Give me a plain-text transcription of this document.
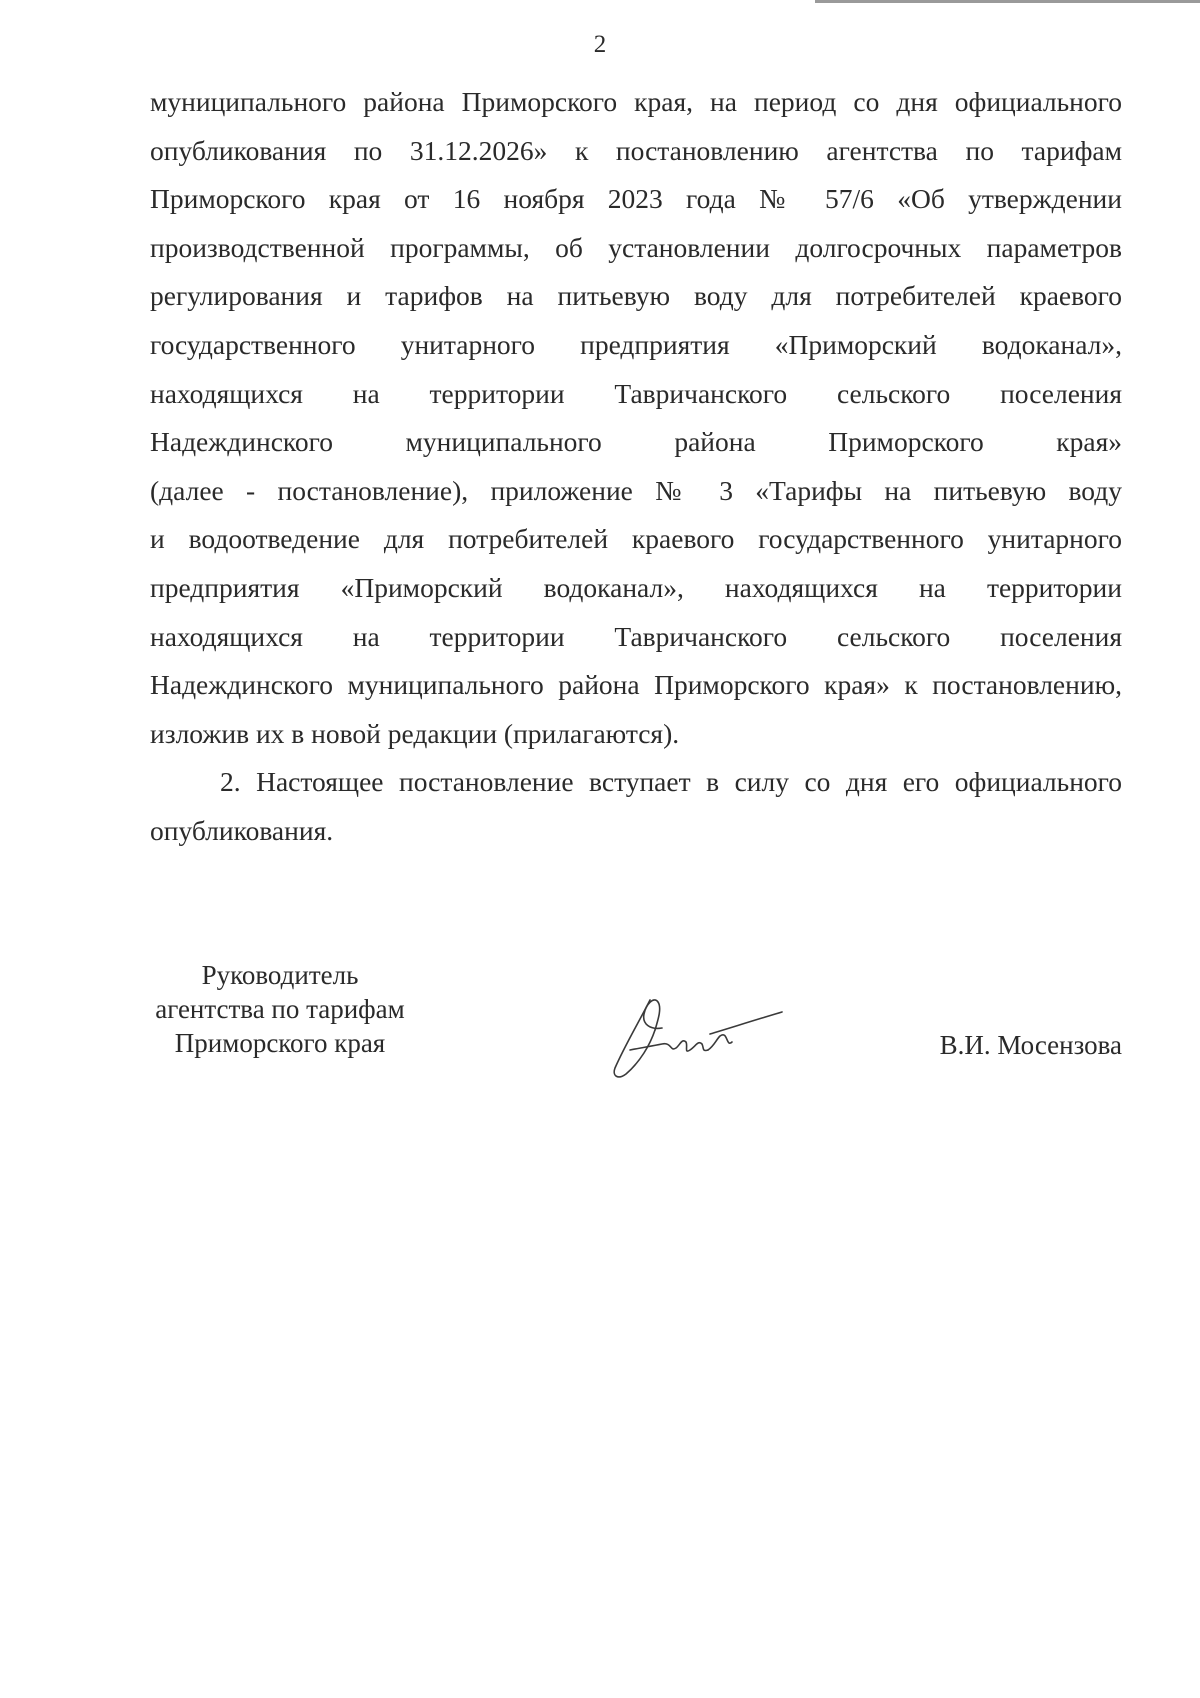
2
муниципального района Приморского края, на период со дня официального
опубликования по 31.12.2026» к постановлению агентства по тарифам
Приморского края от 16 ноября 2023 года № 57/6 «Об утверждении
производственной программы, об установлении долгосрочных параметров
регулирования и тарифов на питьевую воду для потребителей краевого
государственного унитарного предприятия «Приморский водоканал»,
находящихся на территории Тавричанского сельского поселения
Надеждинского муниципального района Приморского края»
(далее - постановление), приложение № 3 «Тарифы на питьевую воду
и водоотведение для потребителей краевого государственного унитарного
предприятия «Приморский водоканал», находящихся на территории
находящихся на территории Тавричанского сельского поселения
Надеждинского муниципального района Приморского края» к постановлению,
изложив их в новой редакции (прилагаются).
2. Настоящее постановление вступает в силу со дня его официального
опубликования.
Руководитель
агентства по тарифам
Приморского края	В.И. Мосензова
